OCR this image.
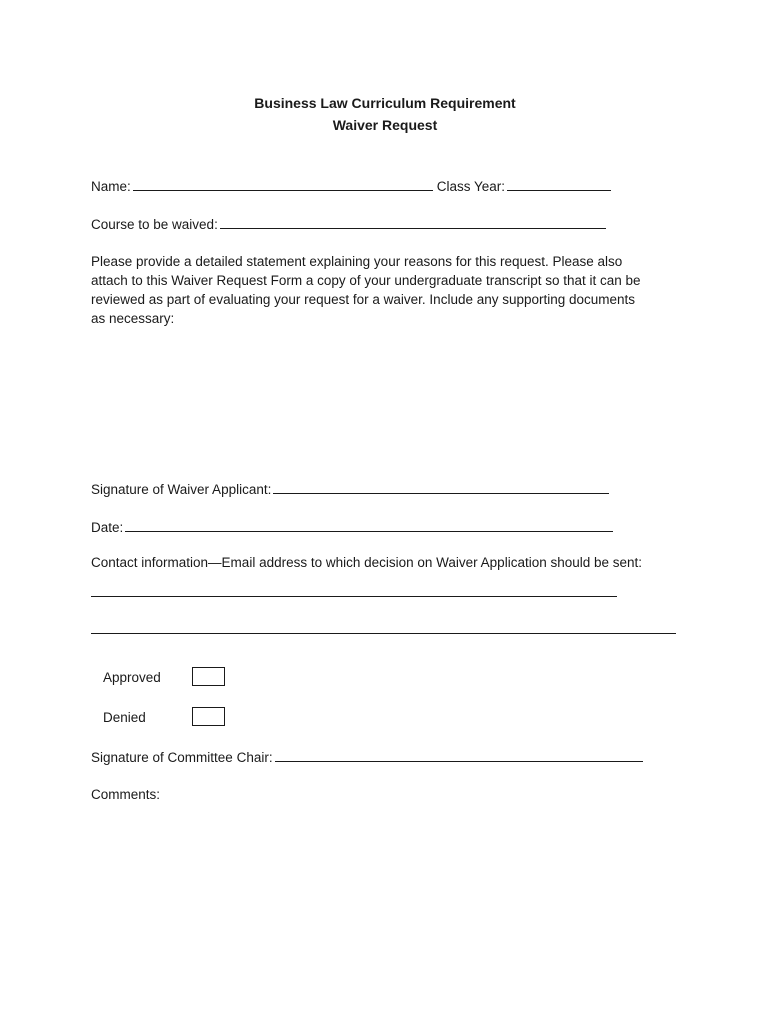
Business Law Curriculum Requirement
Waiver Request
Name:	Class Year:
Course to be waived:
Please provide a detailed statement explaining your reasons for this request. Please also attach to this Waiver Request Form a copy of your undergraduate transcript so that it can be reviewed as part of evaluating your request for a waiver. Include any supporting documents as necessary:
Signature of Waiver Applicant:
Date:
Contact information—Email address to which decision on Waiver Application should be sent:
Approved
Denied
Signature of Committee Chair:
Comments:
